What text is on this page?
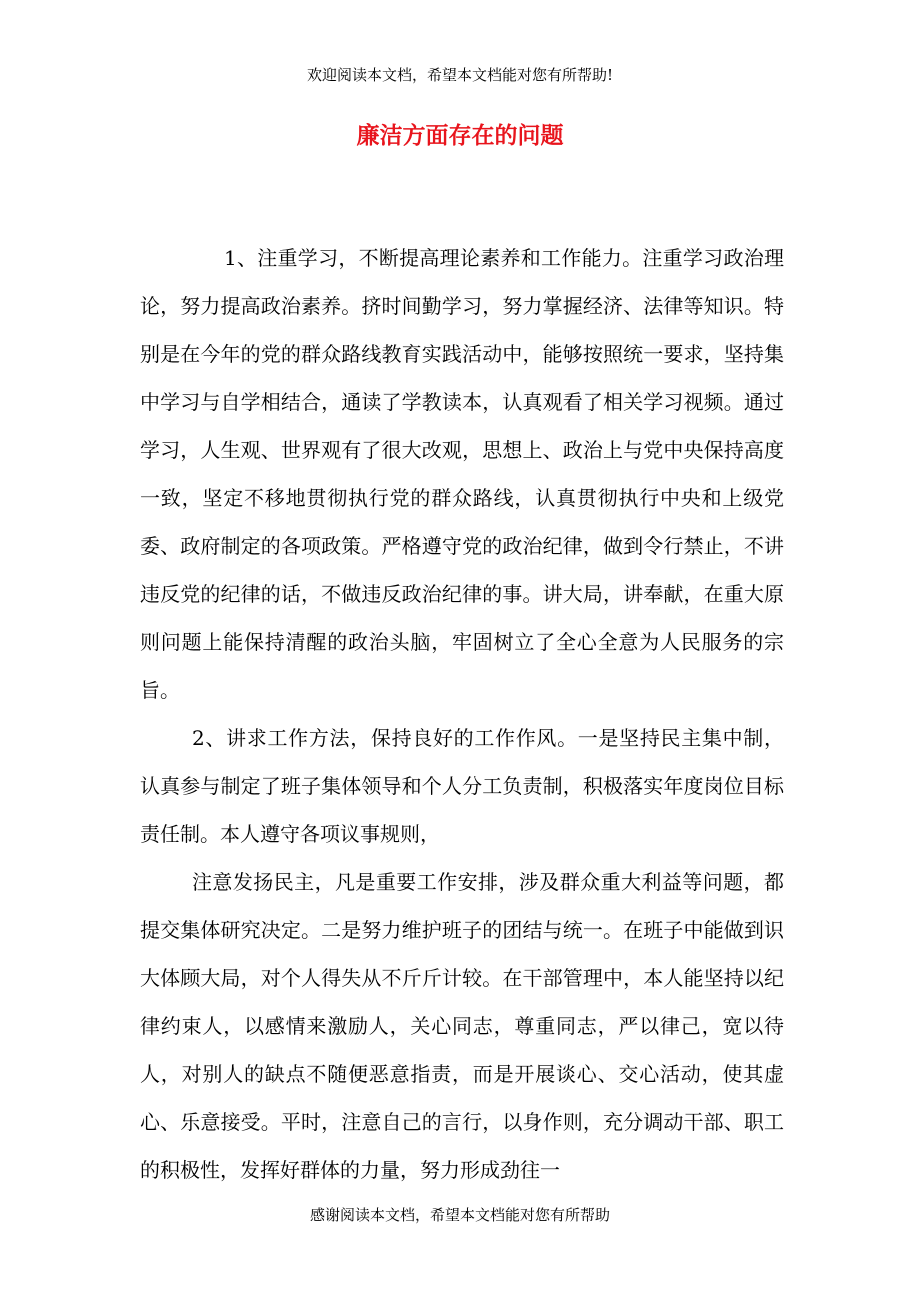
欢迎阅读本文档，希望本文档能对您有所帮助!
廉洁方面存在的问题

1、注重学习，不断提高理论素养和工作能力。注重学习政治理论，努力提高政治素养。挤时间勤学习，努力掌握经济、法律等知识。特别是在今年的党的群众路线教育实践活动中，能够按照统一要求，坚持集中学习与自学相结合，通读了学教读本，认真观看了相关学习视频。通过学习，人生观、世界观有了很大改观，思想上、政治上与党中央保持高度一致，坚定不移地贯彻执行党的群众路线，认真贯彻执行中央和上级党委、政府制定的各项政策。严格遵守党的政治纪律，做到令行禁止，不讲违反党的纪律的话，不做违反政治纪律的事。讲大局，讲奉献，在重大原则问题上能保持清醒的政治头脑，牢固树立了全心全意为人民服务的宗旨。

2、讲求工作方法，保持良好的工作作风。一是坚持民主集中制，认真参与制定了班子集体领导和个人分工负责制，积极落实年度岗位目标责任制。本人遵守各项议事规则，

注意发扬民主，凡是重要工作安排，涉及群众重大利益等问题，都提交集体研究决定。二是努力维护班子的团结与统一。在班子中能做到识大体顾大局，对个人得失从不斤斤计较。在干部管理中，本人能坚持以纪律约束人，以感情来激励人，关心同志，尊重同志，严以律己，宽以待人，对别人的缺点不随便恶意指责，而是开展谈心、交心活动，使其虚心、乐意接受。平时，注意自己的言行，以身作则，充分调动干部、职工的积极性，发挥好群体的力量，努力形成劲往一

感谢阅读本文档，希望本文档能对您有所帮助
